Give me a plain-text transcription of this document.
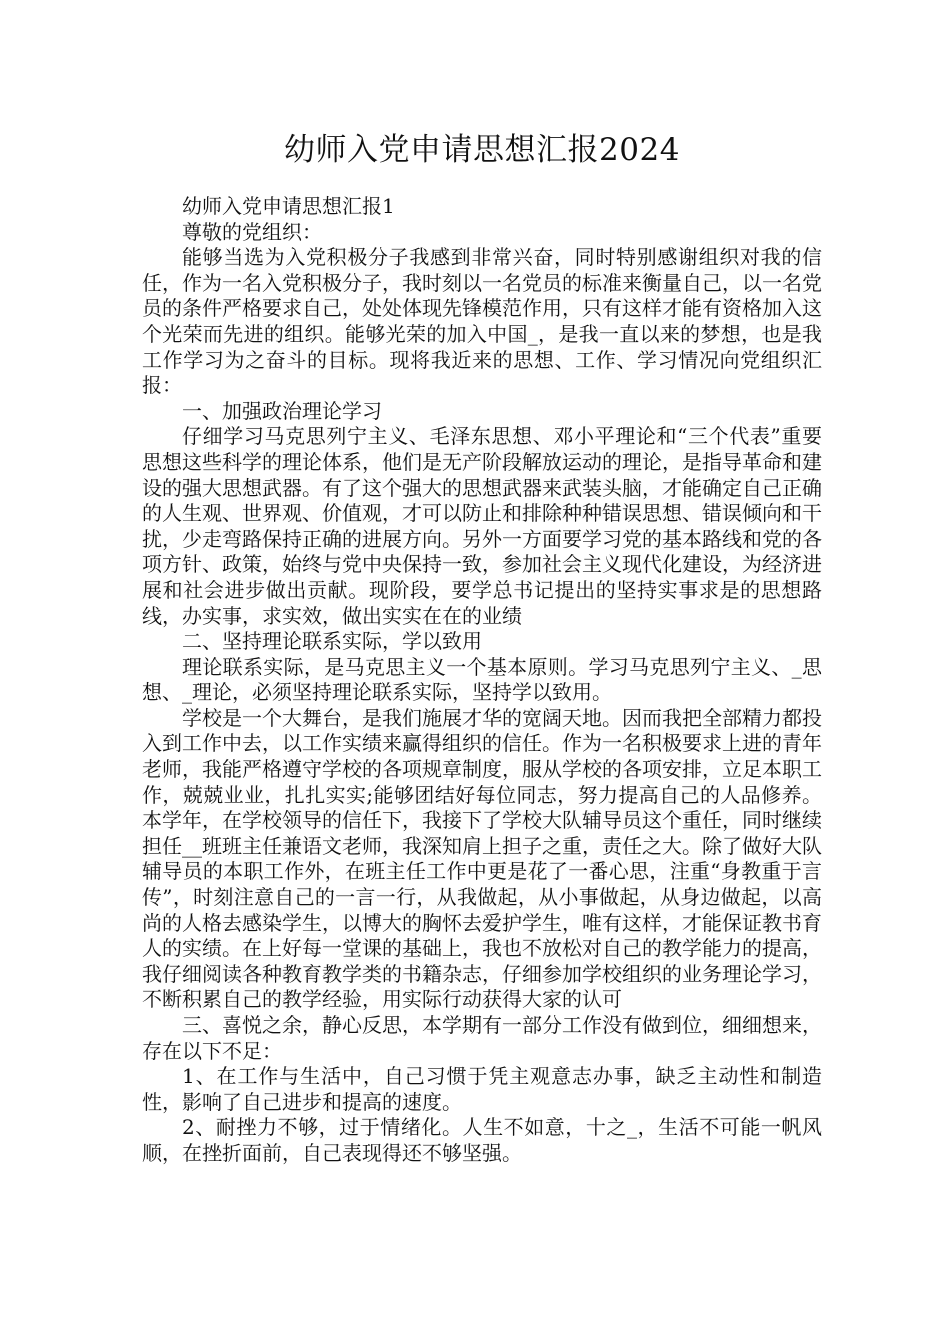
幼师入党申请思想汇报2024

幼师入党申请思想汇报1

尊敬的党组织：

能够当选为入党积极分子我感到非常兴奋，同时特别感谢组织对我的信任，作为一名入党积极分子，我时刻以一名党员的标准来衡量自己，以一名党员的条件严格要求自己，处处体现先锋模范作用，只有这样才能有资格加入这个光荣而先进的组织。能够光荣的加入中国_，是我一直以来的梦想，也是我工作学习为之奋斗的目标。现将我近来的思想、工作、学习情况向党组织汇报：

一、加强政治理论学习

仔细学习马克思列宁主义、毛泽东思想、邓小平理论和“三个代表”重要思想这些科学的理论体系，他们是无产阶段解放运动的理论，是指导革命和建设的强大思想武器。有了这个强大的思想武器来武装头脑，才能确定自己正确的人生观、世界观、价值观，才可以防止和排除种种错误思想、错误倾向和干扰，少走弯路保持正确的进展方向。另外一方面要学习党的基本路线和党的各项方针、政策，始终与党中央保持一致，参加社会主义现代化建设，为经济进展和社会进步做出贡献。现阶段，要学总书记提出的坚持实事求是的思想路线，办实事，求实效，做出实实在在的业绩

二、坚持理论联系实际，学以致用

理论联系实际，是马克思主义一个基本原则。学习马克思列宁主义、_思想、_理论，必须坚持理论联系实际，坚持学以致用。

学校是一个大舞台，是我们施展才华的宽阔天地。因而我把全部精力都投入到工作中去，以工作实绩来赢得组织的信任。作为一名积极要求上进的青年老师，我能严格遵守学校的各项规章制度，服从学校的各项安排，立足本职工作，兢兢业业，扎扎实实;能够团结好每位同志，努力提高自己的人品修养。本学年，在学校领导的信任下，我接下了学校大队辅导员这个重任，同时继续担任__班班主任兼语文老师，我深知肩上担子之重，责任之大。除了做好大队辅导员的本职工作外，在班主任工作中更是花了一番心思，注重“身教重于言传”，时刻注意自己的一言一行，从我做起，从小事做起，从身边做起，以高尚的人格去感染学生，以博大的胸怀去爱护学生，唯有这样，才能保证教书育人的实绩。在上好每一堂课的基础上，我也不放松对自己的教学能力的提高，我仔细阅读各种教育教学类的书籍杂志，仔细参加学校组织的业务理论学习，不断积累自己的教学经验，用实际行动获得大家的认可

三、喜悦之余，静心反思，本学期有一部分工作没有做到位，细细想来，存在以下不足：

1、在工作与生活中，自己习惯于凭主观意志办事，缺乏主动性和制造性，影响了自己进步和提高的速度。

2、耐挫力不够，过于情绪化。人生不如意，十之_，生活不可能一帆风顺，在挫折面前，自己表现得还不够坚强。
